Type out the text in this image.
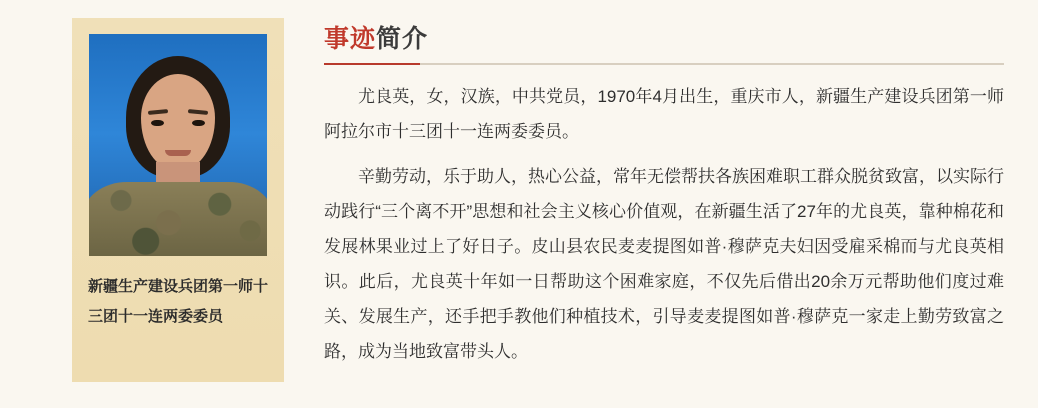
新疆生产建设兵团第一师十三团十一连两委委员
事迹简介

尤良英，女，汉族，中共党员，1970年4月出生，重庆市人，新疆生产建设兵团第一师阿拉尔市十三团十一连两委委员。

辛勤劳动，乐于助人，热心公益，常年无偿帮扶各族困难职工群众脱贫致富，以实际行动践行“三个离不开”思想和社会主义核心价值观，在新疆生活了27年的尤良英，靠种棉花和发展林果业过上了好日子。皮山县农民麦麦提图如普·穆萨克夫妇因受雇采棉而与尤良英相识。此后，尤良英十年如一日帮助这个困难家庭，不仅先后借出20余万元帮助他们度过难关、发展生产，还手把手教他们种植技术，引导麦麦提图如普·穆萨克一家走上勤劳致富之路，成为当地致富带头人。
